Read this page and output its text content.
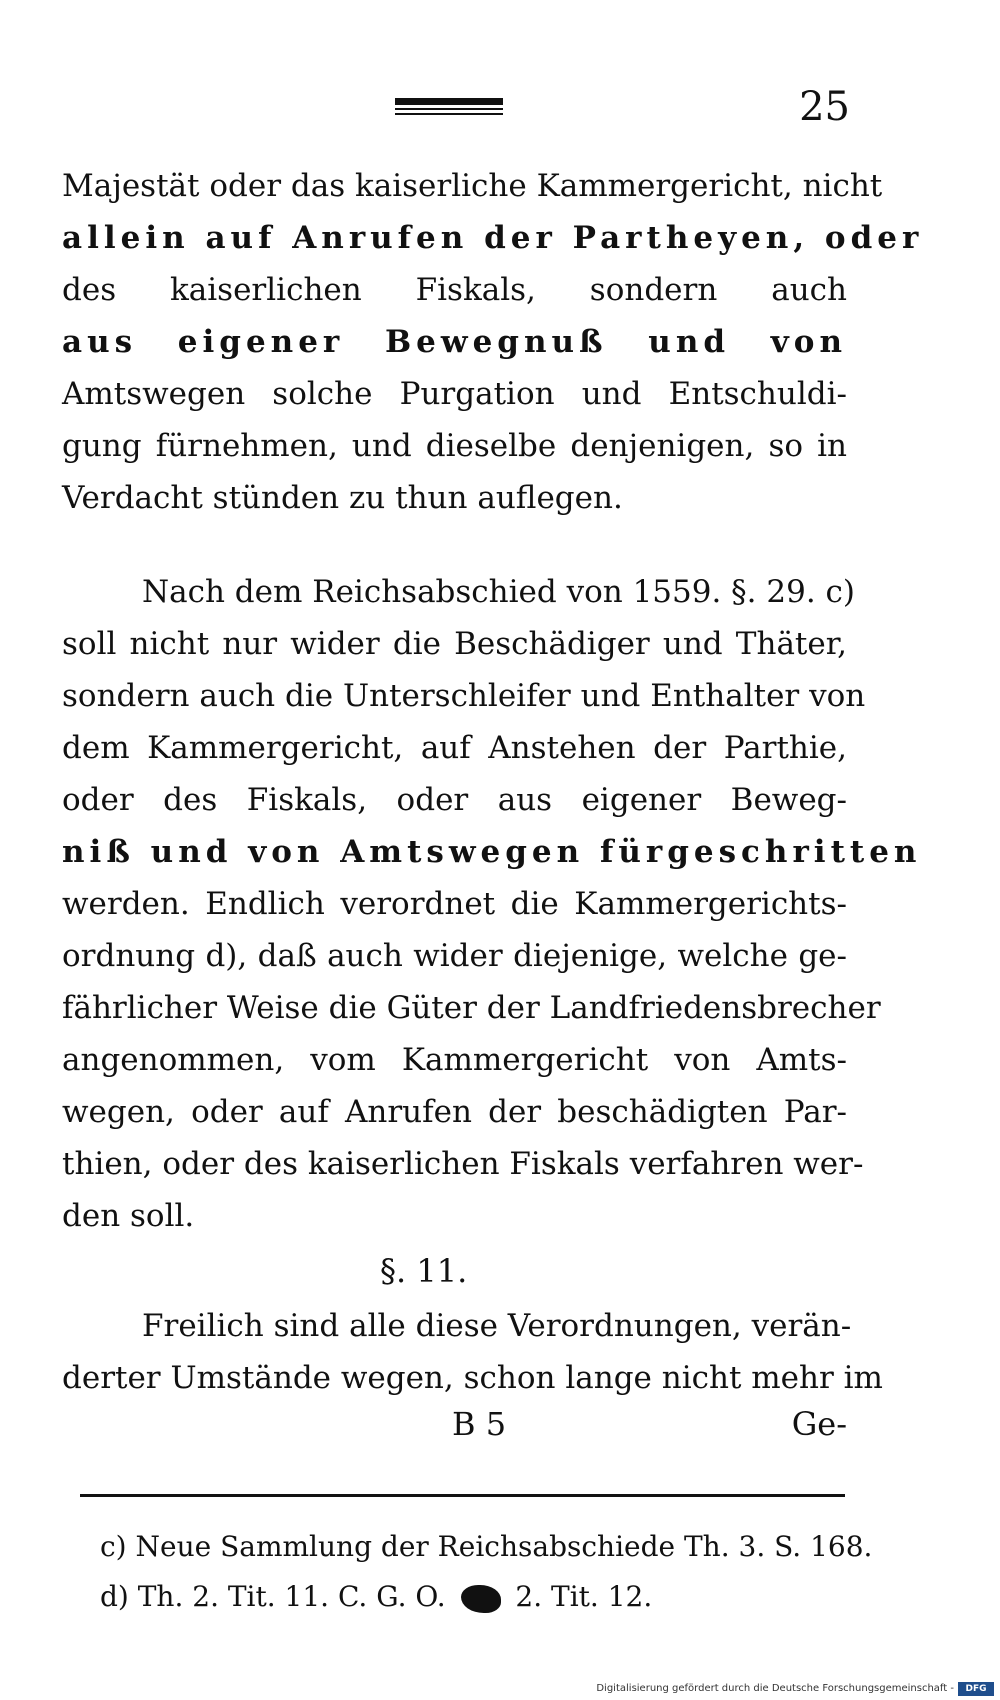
25
Majestät oder das kaiserliche Kammergericht, nicht
allein auf Anrufen der Partheyen, oder
des kaiserlichen Fiskals, sondern auch
aus eigener Bewegnuß und von
Amtswegen solche Purgation und Entschuldi-
gung fürnehmen, und dieselbe denjenigen, so in
Verdacht stünden zu thun auflegen.
Nach dem Reichsabschied von 1559. §. 29. c)
soll nicht nur wider die Beschädiger und Thäter,
sondern auch die Unterschleifer und Enthalter von
dem Kammergericht, auf Anstehen der Parthie,
oder des Fiskals, oder aus eigener Beweg-
niß und von Amtswegen fürgeschritten
werden. Endlich verordnet die Kammergerichts-
ordnung d), daß auch wider diejenige, welche ge-
fährlicher Weise die Güter der Landfriedensbrecher
angenommen, vom Kammergericht von Amts-
wegen, oder auf Anrufen der beschädigten Par-
thien, oder des kaiserlichen Fiskals verfahren wer-
den soll.
§. 11.
Freilich sind alle diese Verordnungen, verän-
derter Umstände wegen, schon lange nicht mehr im
B 5	Ge-
c) Neue Sammlung der Reichsabschiede Th. 3. S. 168.
d) Th. 2. Tit. 11. C. G. O. 2. Tit. 12.
Digitalisierung gefördert durch die Deutsche Forschungsgemeinschaft -	DFG
